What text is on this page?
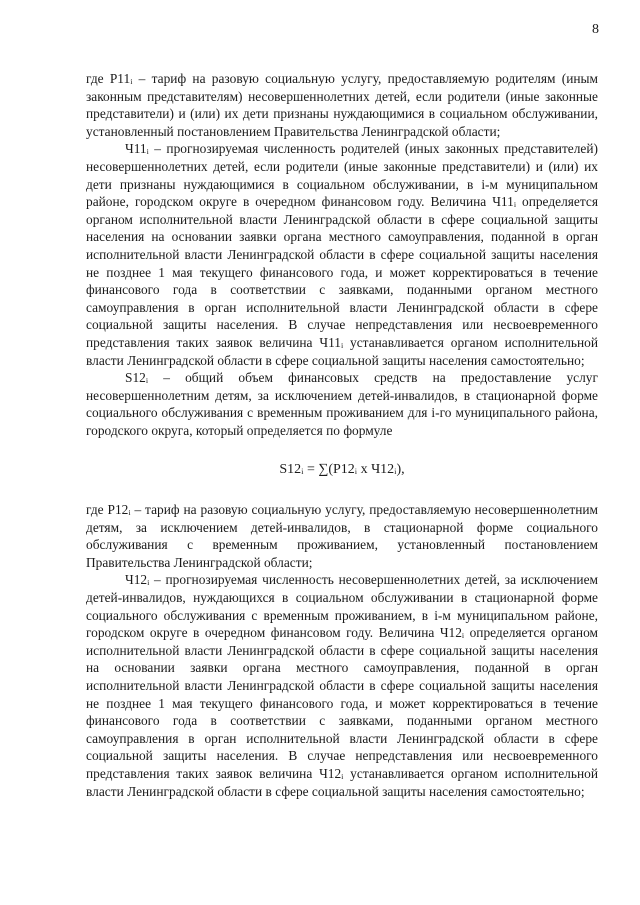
8

где Р11ᵢ – тариф на разовую социальную услугу, предоставляемую родителям (иным законным представителям) несовершеннолетних детей, если родители (иные законные представители) и (или) их дети признаны нуждающимися в социальном обслуживании, установленный постановлением Правительства Ленинградской области;

Ч11ᵢ – прогнозируемая численность родителей (иных законных представителей) несовершеннолетних детей, если родители (иные законные представители) и (или) их дети признаны нуждающимися в социальном обслуживании, в i-м муниципальном районе, городском округе в очередном финансовом году. Величина Ч11ᵢ определяется органом исполнительной власти Ленинградской области в сфере социальной защиты населения на основании заявки органа местного самоуправления, поданной в орган исполнительной власти Ленинградской области в сфере социальной защиты населения не позднее 1 мая текущего финансового года, и может корректироваться в течение финансового года в соответствии с заявками, поданными органом местного самоуправления в орган исполнительной власти Ленинградской области в сфере социальной защиты населения. В случае непредставления или несвоевременного представления таких заявок величина Ч11ᵢ устанавливается органом исполнительной власти Ленинградской области в сфере социальной защиты населения самостоятельно;

S12ᵢ – общий объем финансовых средств на предоставление услуг несовершеннолетним детям, за исключением детей-инвалидов, в стационарной форме социального обслуживания с временным проживанием для i-го муниципального района, городского округа, который определяется по формуле

S12ᵢ = ∑(Р12ᵢ х Ч12ᵢ),

где Р12ᵢ – тариф на разовую социальную услугу, предоставляемую несовершеннолетним детям, за исключением детей-инвалидов, в стационарной форме социального обслуживания с временным проживанием, установленный постановлением Правительства Ленинградской области;

Ч12ᵢ – прогнозируемая численность несовершеннолетних детей, за исключением детей-инвалидов, нуждающихся в социальном обслуживании в стационарной форме социального обслуживания с временным проживанием, в i-м муниципальном районе, городском округе в очередном финансовом году. Величина Ч12ᵢ определяется органом исполнительной власти Ленинградской области в сфере социальной защиты населения на основании заявки органа местного самоуправления, поданной в орган исполнительной власти Ленинградской области в сфере социальной защиты населения не позднее 1 мая текущего финансового года, и может корректироваться в течение финансового года в соответствии с заявками, поданными органом местного самоуправления в орган исполнительной власти Ленинградской области в сфере социальной защиты населения. В случае непредставления или несвоевременного представления таких заявок величина Ч12ᵢ устанавливается органом исполнительной власти Ленинградской области в сфере социальной защиты населения самостоятельно;
